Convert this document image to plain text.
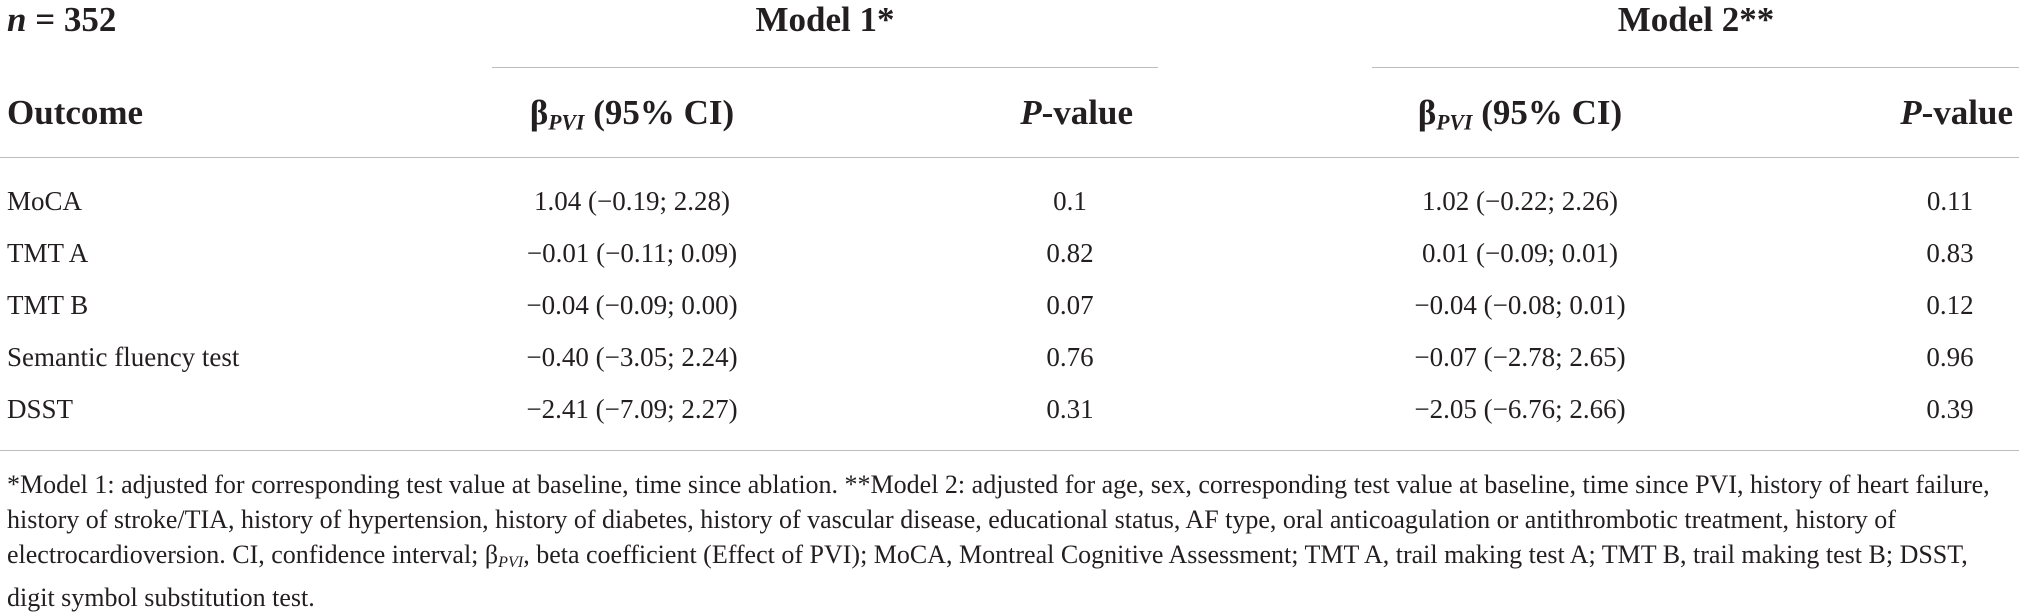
n = 352	Model 1*	Model 2**
Outcome	$\beta_{PVI}$ (95% CI)	P-value	$\beta_{PVI}$ (95% CI)	P-value
MoCA	1.04 (−0.19; 2.28)	0.1	1.02 (−0.22; 2.26)	0.11
TMT A	−0.01 (−0.11; 0.09)	0.82	0.01 (−0.09; 0.01)	0.83
TMT B	−0.04 (−0.09; 0.00)	0.07	−0.04 (−0.08; 0.01)	0.12
Semantic fluency test	−0.40 (−3.05; 2.24)	0.76	−0.07 (−2.78; 2.65)	0.96
DSST	−2.41 (−7.09; 2.27)	0.31	−2.05 (−6.76; 2.66)	0.39
*Model 1: adjusted for corresponding test value at baseline, time since ablation. **Model 2: adjusted for age, sex, corresponding test value at baseline, time since PVI, history of heart failure, history of stroke/TIA, history of hypertension, history of diabetes, history of vascular disease, educational status, AF type, oral anticoagulation or antithrombotic treatment, history of electrocardioversion. CI, confidence interval; $\beta_{PVI}$, beta coefficient (Effect of PVI); MoCA, Montreal Cognitive Assessment; TMT A, trail making test A; TMT B, trail making test B; DSST, digit symbol substitution test.
